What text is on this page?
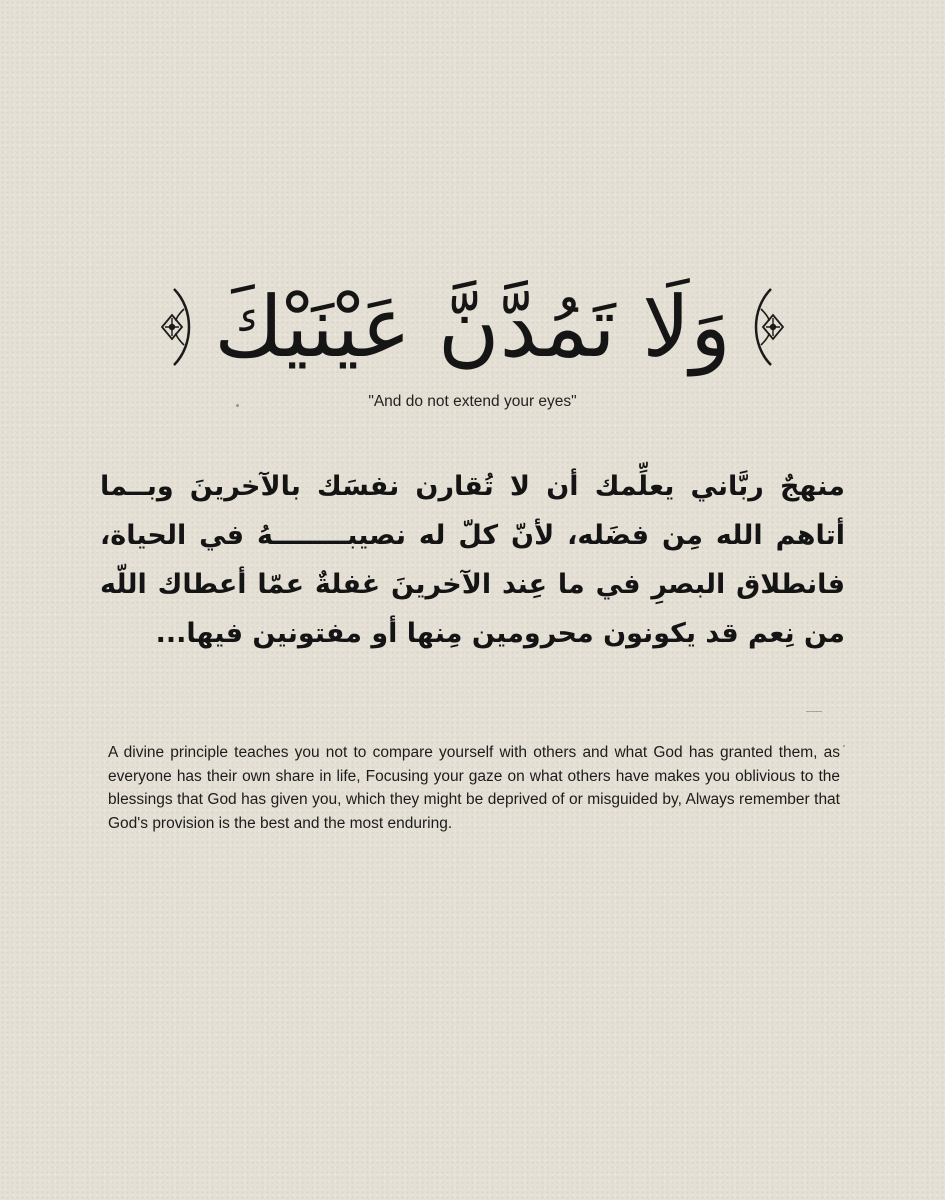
وَلَا تَمُدَّنَّ عَيْنَيْكَ
"And do not extend your eyes"
منهجٌ ربَّاني يعلِّمك أن لا تُقارن نفسَك بالآخرينَ وبــما أتاهم الله مِن فضَله، لأنّ كلّ له نصيبــــــــهُ في الحياة، فانطلاق البصرِ في ما عِند الآخرينَ غفلةٌ عمّا أعطاك اللّه من نِعم قد يكونون محرومين مِنها أو مفتونين فيها...
A divine principle teaches you not to compare yourself with others and what God has granted them, as everyone has their own share in life, Focusing your gaze on what others have makes you oblivious to the blessings that God has given you, which they might be deprived of or misguided by, Always remember that God's provision is the best and the most enduring.
